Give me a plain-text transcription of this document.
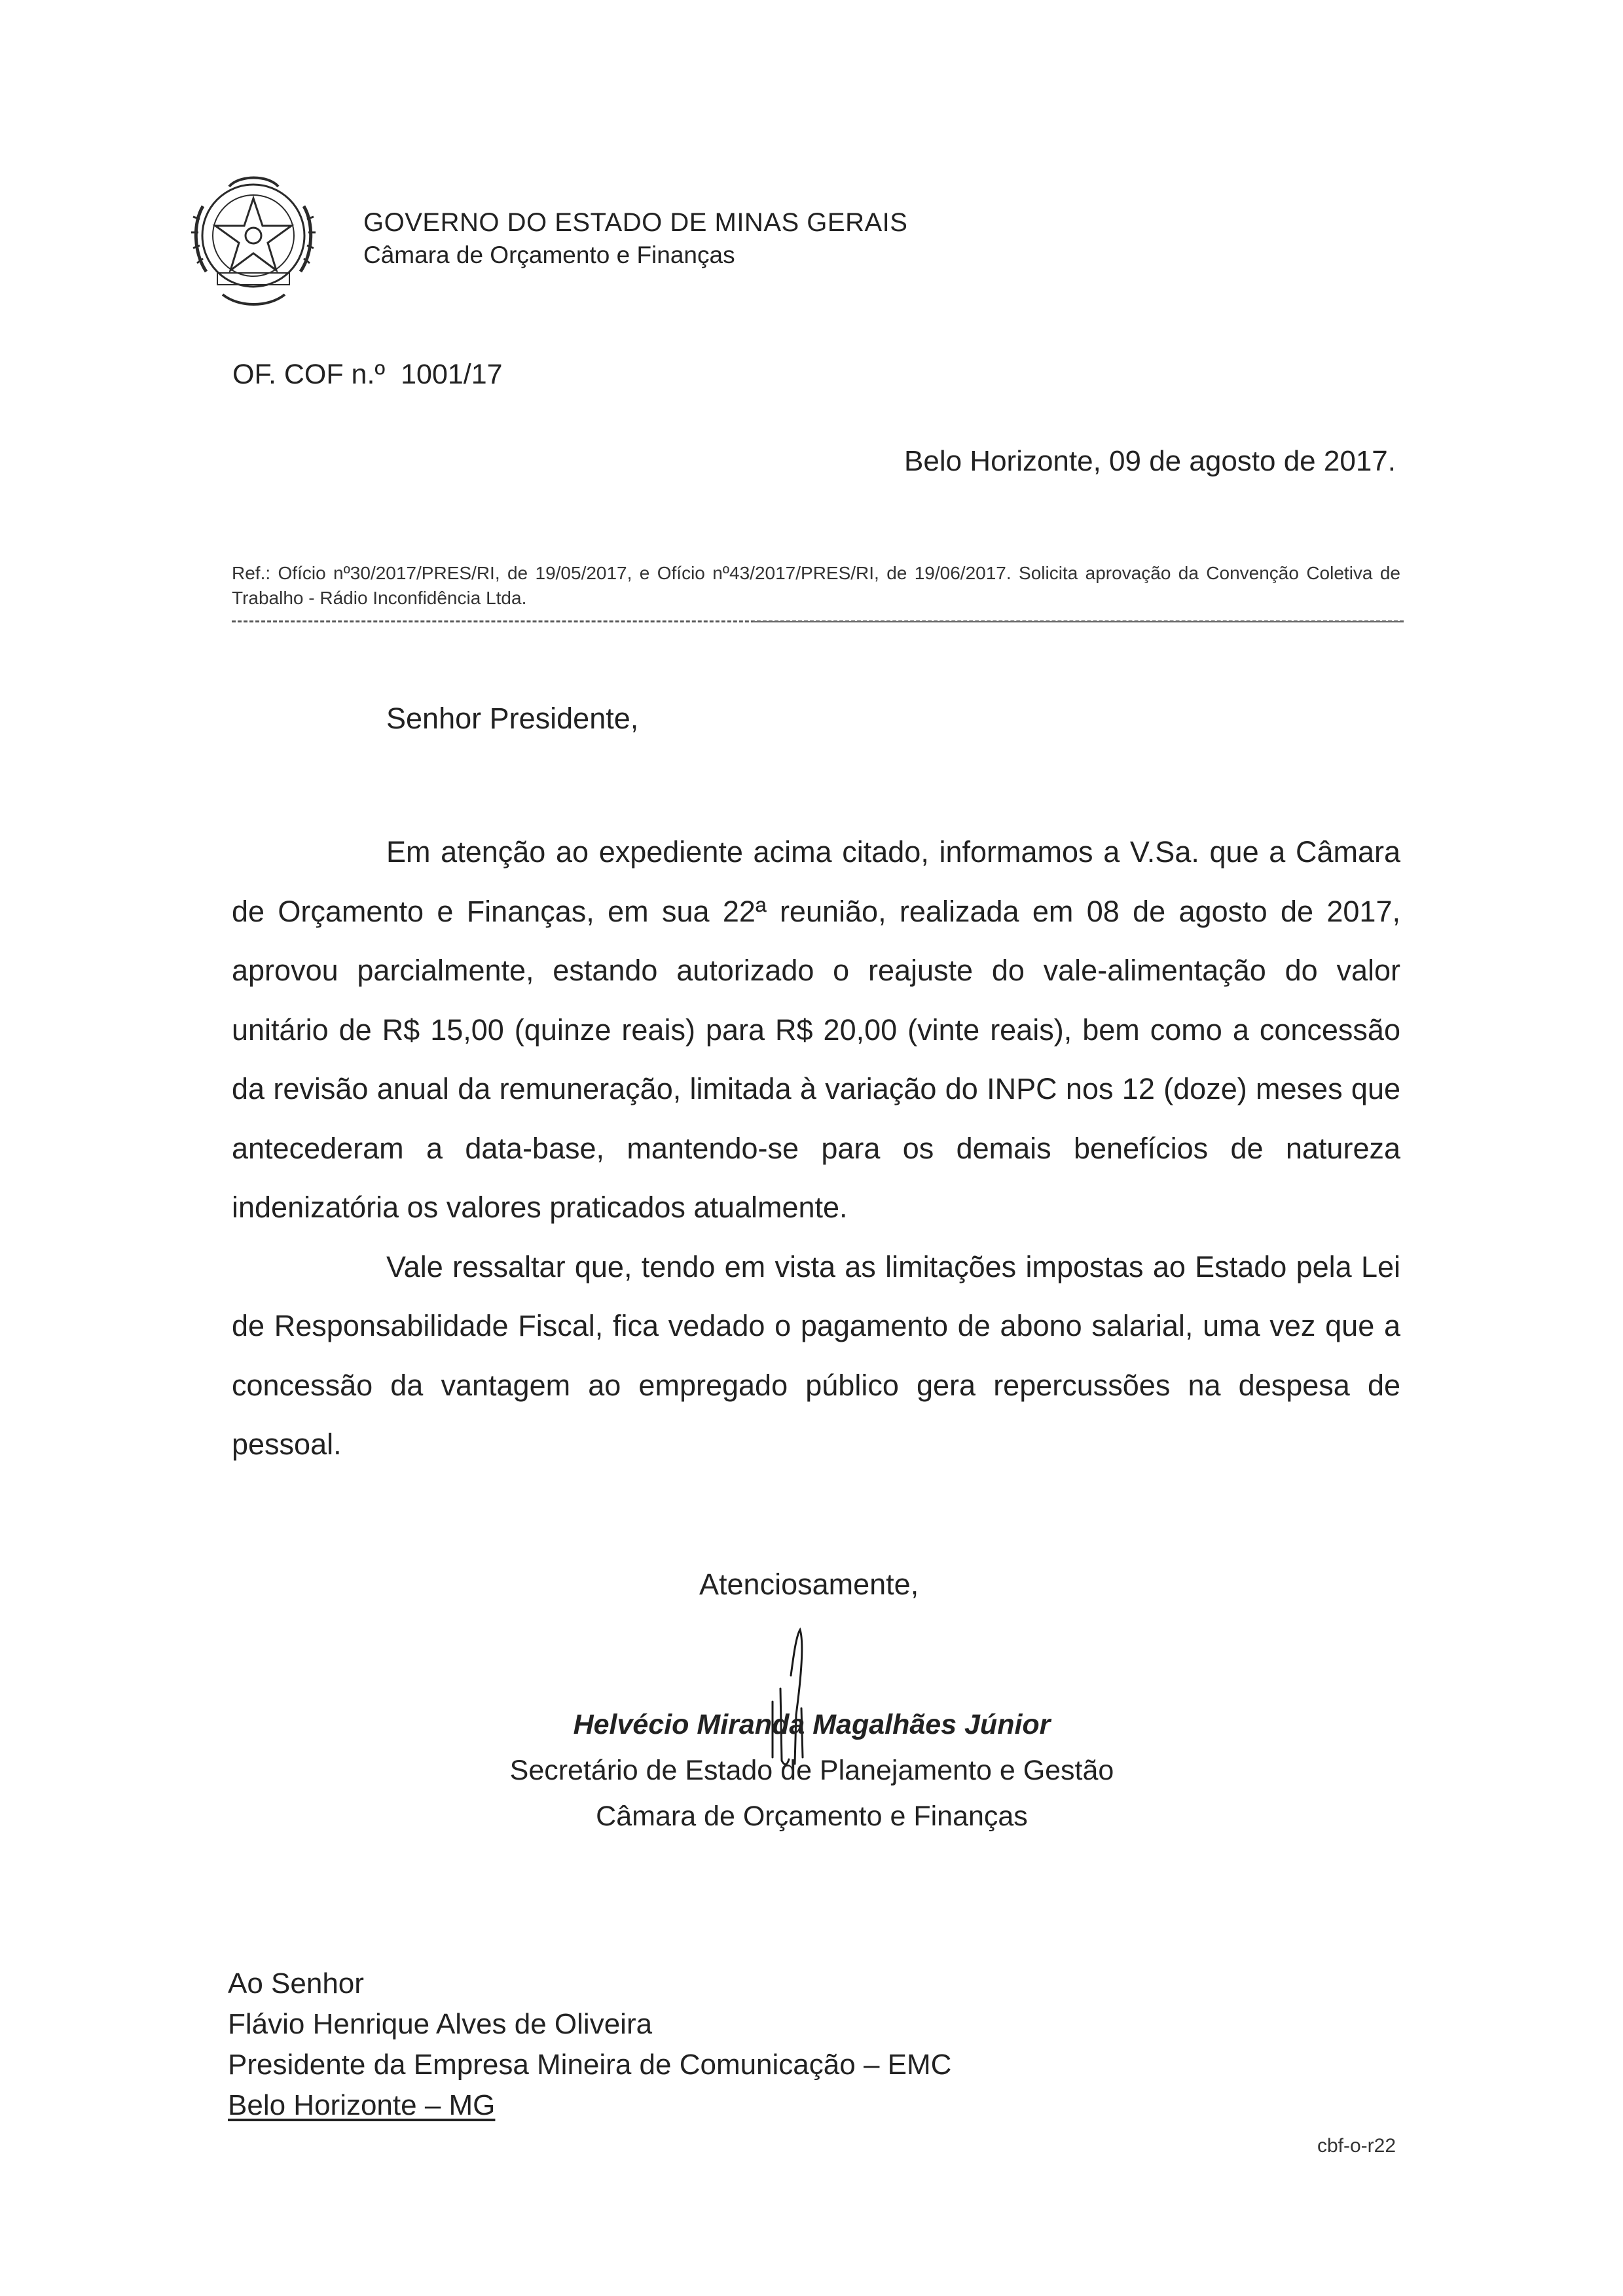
GOVERNO DO ESTADO DE MINAS GERAIS
Câmara de Orçamento e Finanças
OF. COF n.º 1001/17
Belo Horizonte, 09 de agosto de 2017.
Ref.: Ofício nº30/2017/PRES/RI, de 19/05/2017, e Ofício nº43/2017/PRES/RI, de 19/06/2017. Solicita aprovação da Convenção Coletiva de Trabalho - Rádio Inconfidência Ltda.
Senhor Presidente,

Em atenção ao expediente acima citado, informamos a V.Sa. que a Câmara de Orçamento e Finanças, em sua 22ª reunião, realizada em 08 de agosto de 2017, aprovou parcialmente, estando autorizado o reajuste do vale-alimentação do valor unitário de R$ 15,00 (quinze reais) para R$ 20,00 (vinte reais), bem como a concessão da revisão anual da remuneração, limitada à variação do INPC nos 12 (doze) meses que antecederam a data-base, mantendo-se para os demais benefícios de natureza indenizatória os valores praticados atualmente.

Vale ressaltar que, tendo em vista as limitações impostas ao Estado pela Lei de Responsabilidade Fiscal, fica vedado o pagamento de abono salarial, uma vez que a concessão da vantagem ao empregado público gera repercussões na despesa de pessoal.

Atenciosamente,
Helvécio Miranda Magalhães Júnior
Secretário de Estado de Planejamento e Gestão
Câmara de Orçamento e Finanças
Ao Senhor
Flávio Henrique Alves de Oliveira
Presidente da Empresa Mineira de Comunicação – EMC
Belo Horizonte – MG
cbf-o-r22
